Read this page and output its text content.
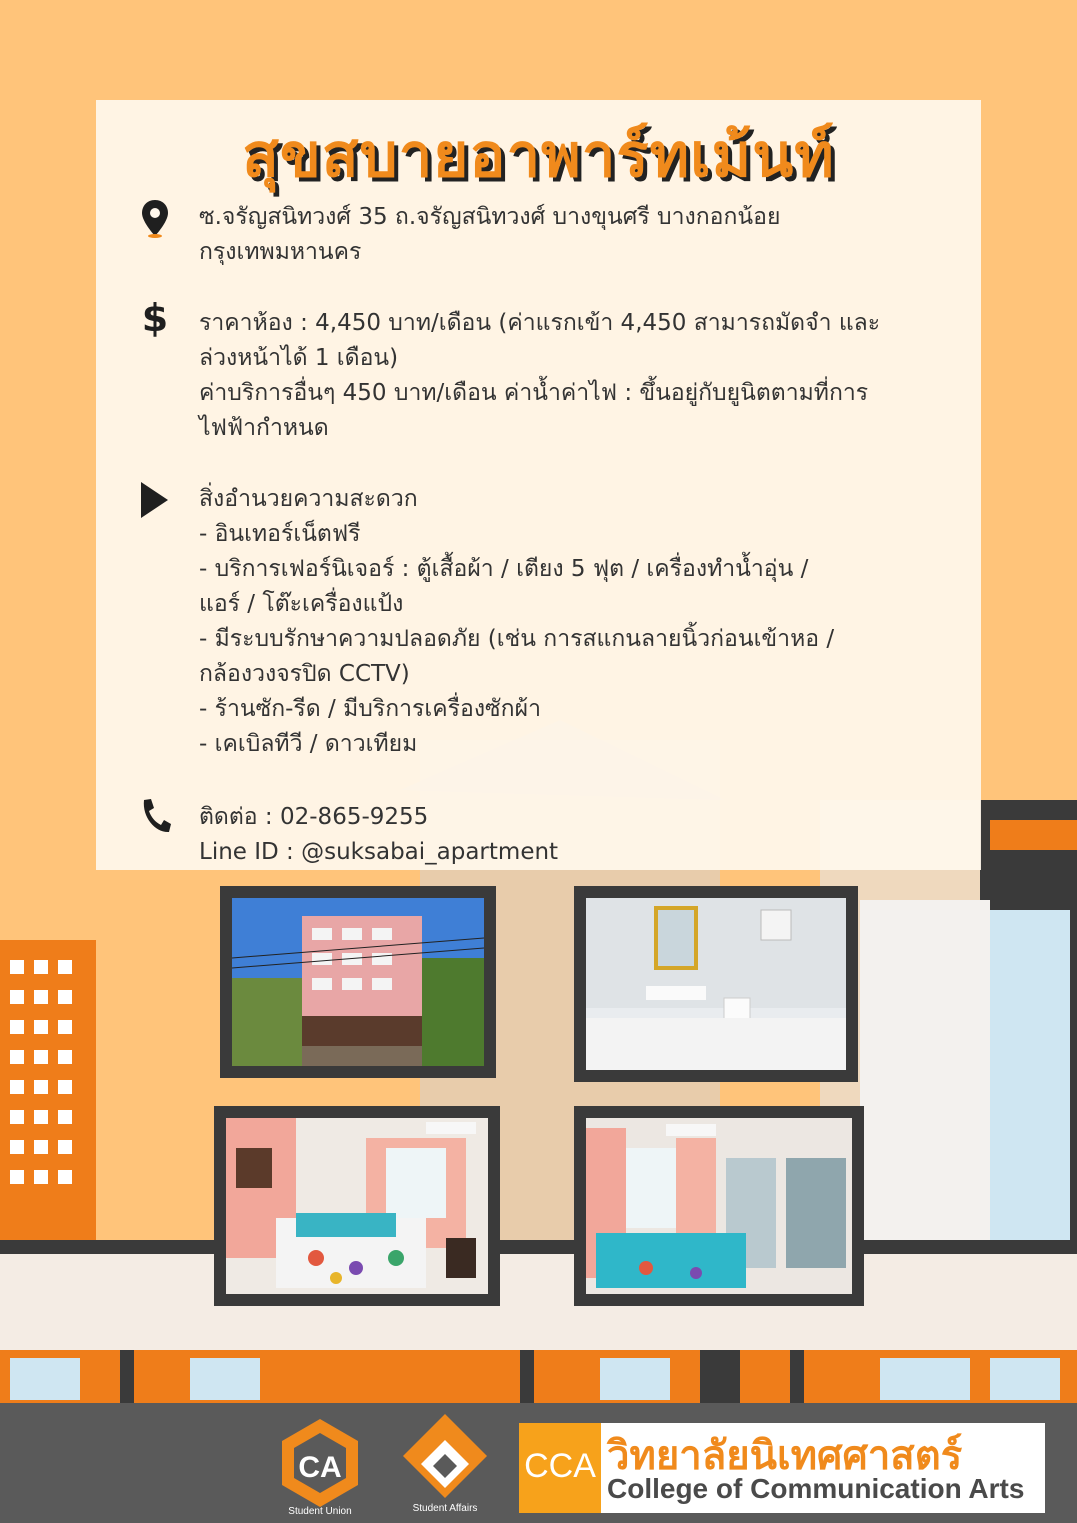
สุขสบายอาพาร์ทเม้นท์
ซ.จรัญสนิทวงศ์ 35 ถ.จรัญสนิทวงศ์ บางขุนศรี บางกอกน้อย
กรุงเทพมหานคร
$ ราคาห้อง : 4,450 บาท/เดือน (ค่าแรกเข้า 4,450 สามารถมัดจำ และ
ล่วงหน้าได้ 1 เดือน)
ค่าบริการอื่นๆ 450 บาท/เดือน ค่าน้ำค่าไฟ : ขึ้นอยู่กับยูนิตตามที่การ
ไฟฟ้ากำหนด
สิ่งอำนวยความสะดวก
- อินเทอร์เน็ตฟรี
- บริการเฟอร์นิเจอร์ : ตู้เสื้อผ้า / เตียง 5 ฟุต / เครื่องทำน้ำอุ่น /
แอร์ / โต๊ะเครื่องแป้ง
- มีระบบรักษาความปลอดภัย (เช่น การสแกนลายนิ้วก่อนเข้าหอ /
กล้องวงจรปิด CCTV)
- ร้านซัก-รีด / มีบริการเครื่องซักผ้า
- เคเบิลทีวี / ดาวเทียม
ติดต่อ : 02-865-9255
Line ID : @suksabai_apartment
CA
Student Union	Student Affairs
CCA วิทยาลัยนิเทศศาสตร์
College of Communication Arts
